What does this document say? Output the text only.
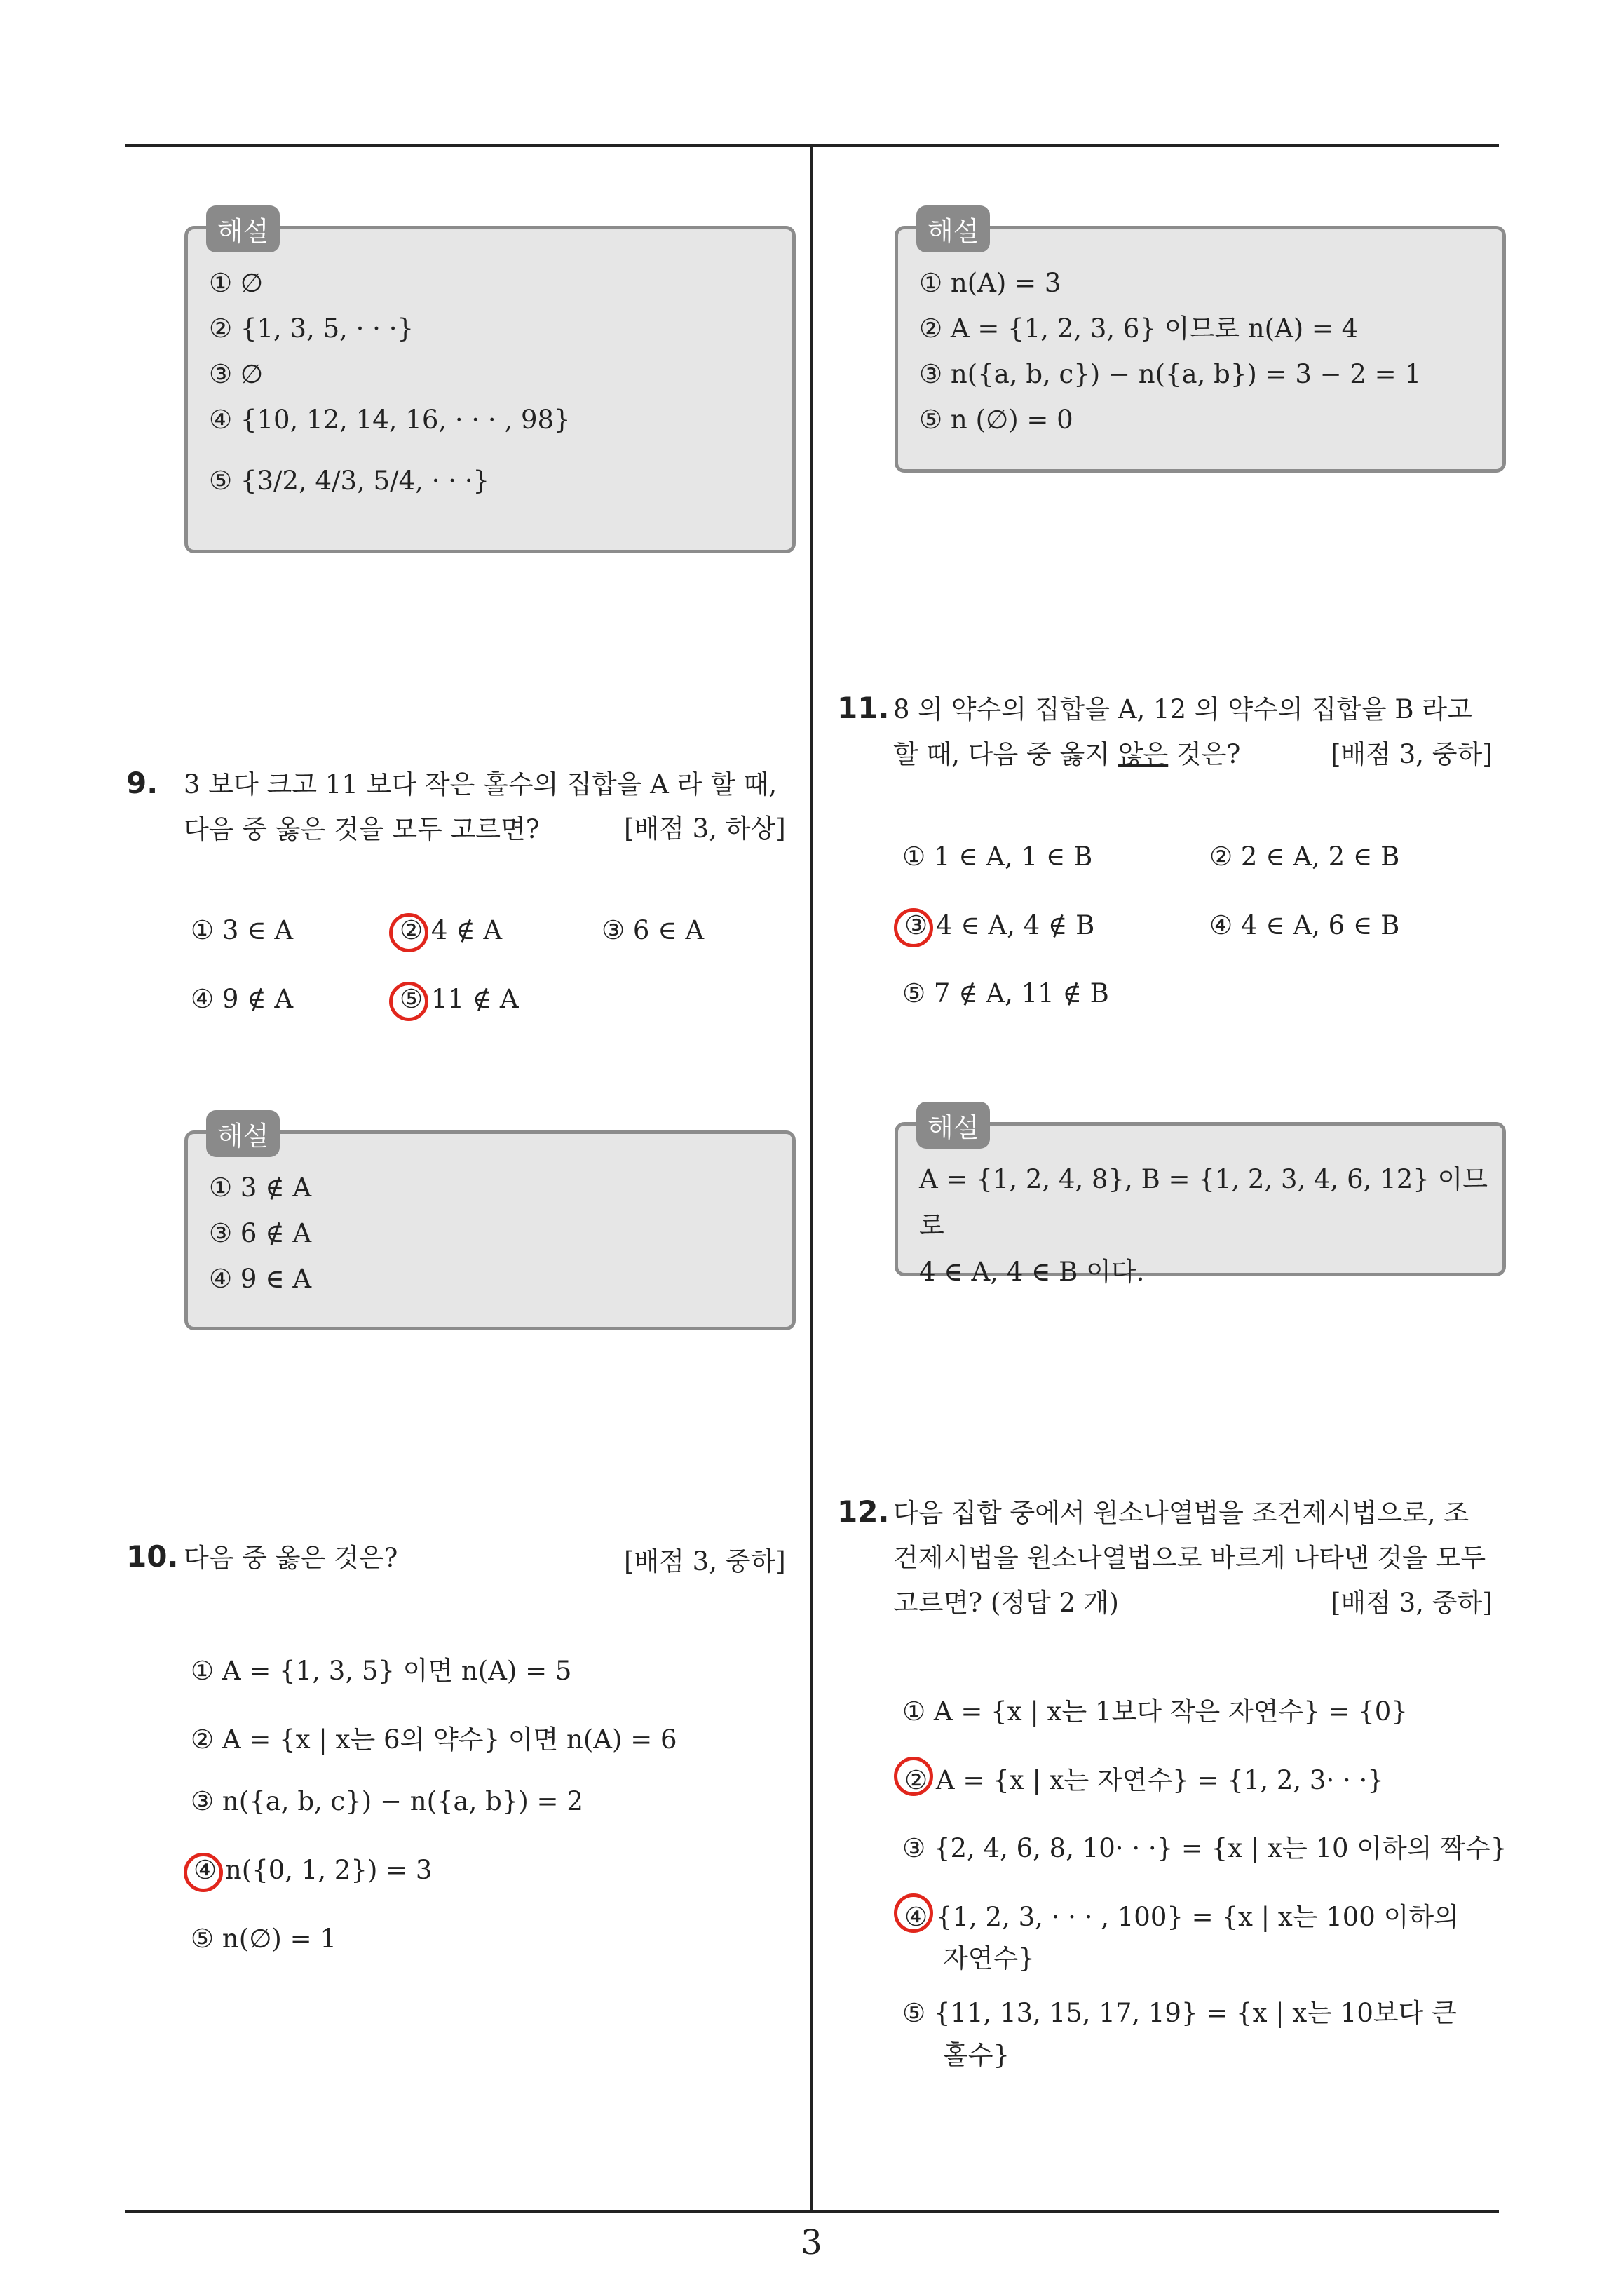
해설
① ∅
② {1, 3, 5, · · ·}
③ ∅
④ {10, 12, 14, 16, · · · , 98}
⑤ {3/2, 4/3, 5/4, · · ·}
해설
① n(A) = 3
② A = {1, 2, 3, 6} 이므로 n(A) = 4
③ n({a, b, c}) − n({a, b}) = 3 − 2 = 1
⑤ n (∅) = 0
9. 3 보다 크고 11 보다 작은 홀수의 집합을 A 라 할 때,
다음 중 옳은 것을 모두 고르면?	[배점 3, 하상]
① 3 ∈ A	② 4 ∉ A	③ 6 ∈ A
④ 9 ∉ A	⑤ 11 ∉ A
해설
① 3 ∉ A
③ 6 ∉ A
④ 9 ∈ A
10. 다음 중 옳은 것은?	[배점 3, 중하]
① A = {1, 3, 5} 이면 n(A) = 5
② A = {x | x는 6의 약수} 이면 n(A) = 6
③ n({a, b, c}) − n({a, b}) = 2
④ n({0, 1, 2}) = 3
⑤ n(∅) = 1
11. 8 의 약수의 집합을 A, 12 의 약수의 집합을 B 라고
할 때, 다음 중 옳지 않은 것은?	[배점 3, 중하]
① 1 ∈ A, 1 ∈ B	② 2 ∈ A, 2 ∈ B
③ 4 ∈ A, 4 ∉ B	④ 4 ∈ A, 6 ∈ B
⑤ 7 ∉ A, 11 ∉ B
해설
A = {1, 2, 4, 8}, B = {1, 2, 3, 4, 6, 12} 이므로
4 ∈ A, 4 ∈ B 이다.
12. 다음 집합 중에서 원소나열법을 조건제시법으로, 조
건제시법을 원소나열법으로 바르게 나타낸 것을 모두
고르면? (정답 2 개)	[배점 3, 중하]
① A = {x | x는 1보다 작은 자연수} = {0}
② A = {x | x는 자연수} = {1, 2, 3· · ·}
③ {2, 4, 6, 8, 10· · ·} = {x | x는 10 이하의 짝수}
④ {1, 2, 3, · · · , 100} = {x | x는 100 이하의
자연수}
⑤ {11, 13, 15, 17, 19} = {x | x는 10보다 큰
홀수}
3
